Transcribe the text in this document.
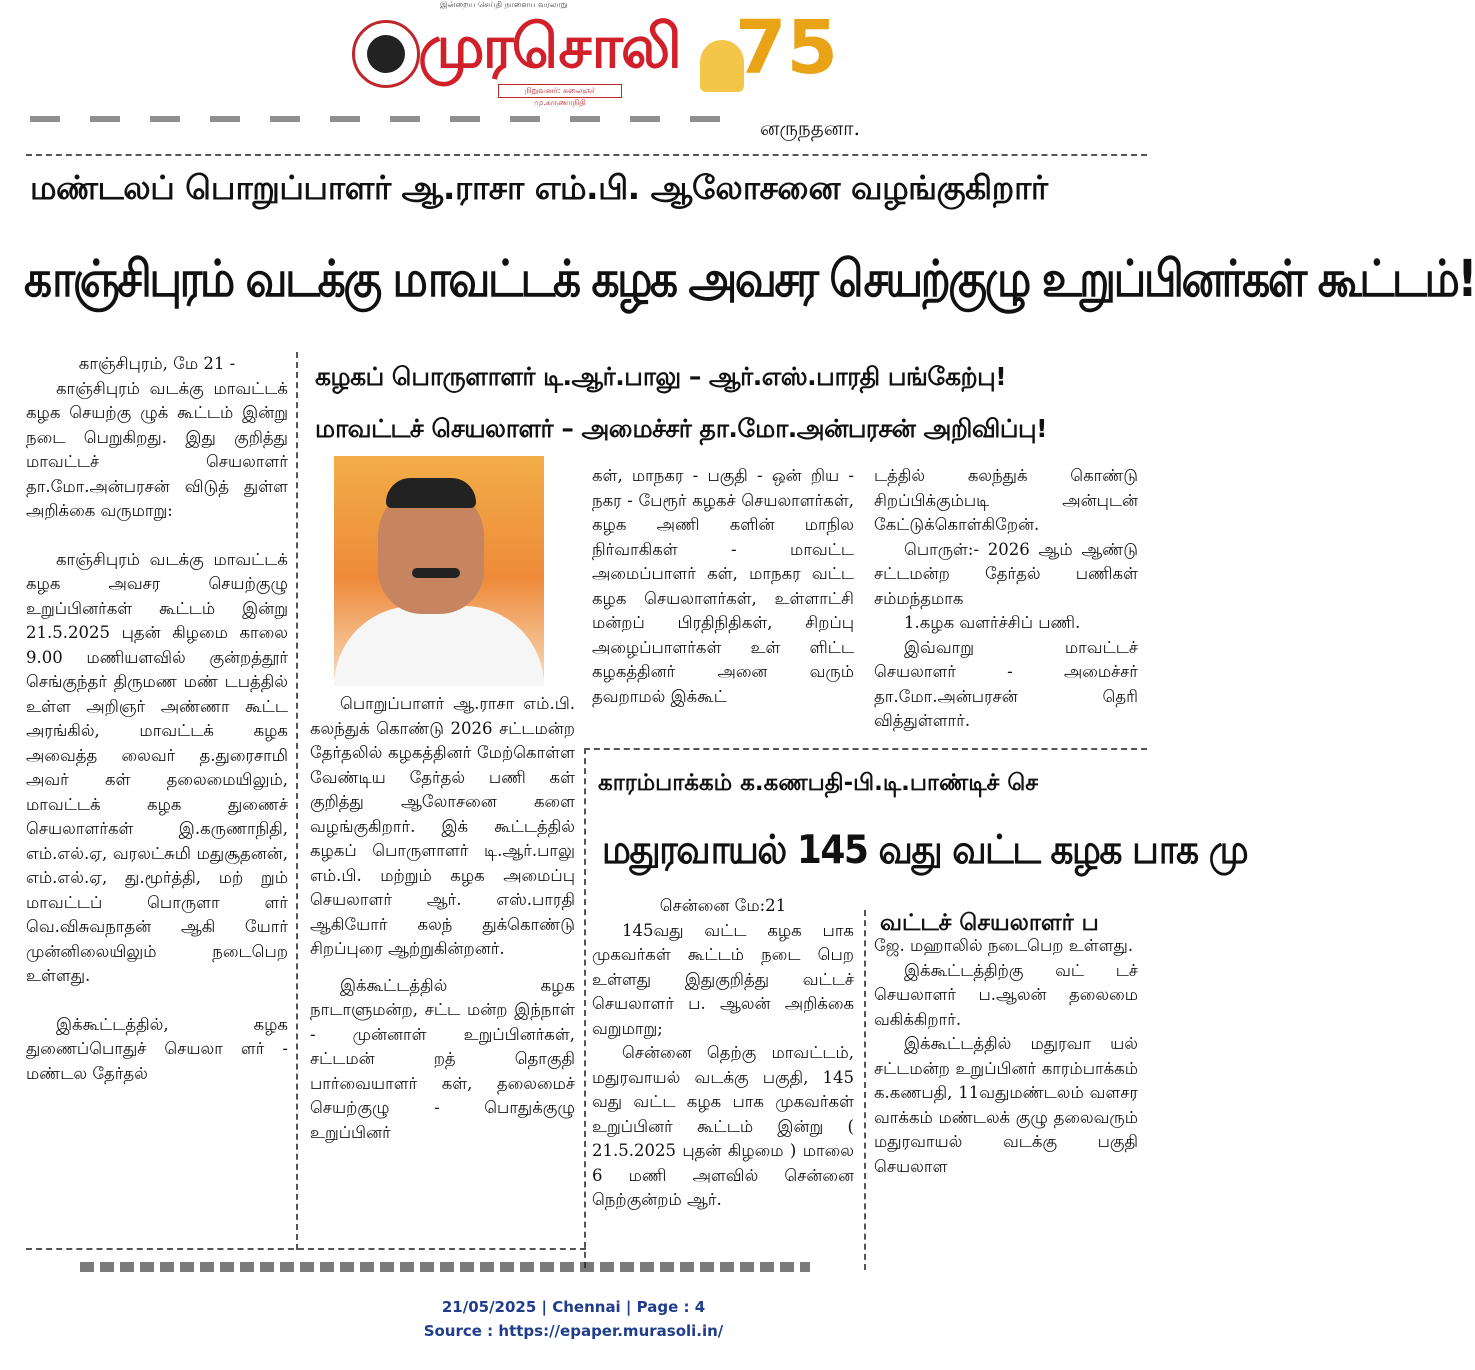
இன்றைய செய்தி நாளைய வரலாறு
முரசொலி
நிறுவனர்: கலைஞர் மு.கருணாநிதி
75
னருநதனா.
மண்டலப் பொறுப்பாளர் ஆ.ராசா எம்.பி. ஆலோசனை வழங்குகிறார்
காஞ்சிபுரம் வடக்கு மாவட்டக் கழக அவசர செயற்குழு உறுப்பினர்கள் கூட்டம்!
கழகப் பொருளாளர் டி.ஆர்.பாலு – ஆர்.எஸ்.பாரதி பங்கேற்பு!
மாவட்டச் செயலாளர் – அமைச்சர் தா.மோ.அன்பரசன் அறிவிப்பு!

காஞ்சிபுரம், மே 21 -

காஞ்சிபுரம் வடக்கு மாவட்டக் கழக செயற்கு ழுக் கூட்டம் இன்று நடை பெறுகிறது. இது குறித்து மாவட்டச் செயலாளர் தா.மோ.அன்பரசன் விடுத் துள்ள அறிக்கை வருமாறு:

காஞ்சிபுரம் வடக்கு மாவட்டக் கழக அவசர செயற்குழு உறுப்பினர்கள் கூட்டம் இன்று 21.5.2025 புதன் கிழமை காலை 9.00 மணியளவில் குன்றத்தூர் செங்குந்தர் திருமண மண் டபத்தில் உள்ள அறிஞர் அண்ணா கூட்ட அரங்கில், மாவட்டக் கழக அவைத்த லைவர் த.துரைசாமி அவர் கள் தலைமையிலும், மாவட்டக் கழக துணைச் செயலாளர்கள் இ.கருணாநிதி, எம்.எல்.ஏ, வரலட்சுமி மதுசூதனன், எம்.எல்.ஏ, து.மூர்த்தி, மற் றும் மாவட்டப் பொருளா ளர் வெ.விசுவநாதன் ஆகி யோர் முன்னிலையிலும் நடைபெற உள்ளது.

இக்கூட்டத்தில், கழக துணைப்பொதுச் செயலா ளர் - மண்டல தேர்தல்

பொறுப்பாளர் ஆ.ராசா எம்.பி. கலந்துக் கொண்டு 2026 சட்டமன்ற தேர்தலில் கழகத்தினர் மேற்கொள்ள வேண்டிய தேர்தல் பணி கள் குறித்து ஆலோசனை களை வழங்குகிறார். இக் கூட்டத்தில் கழகப் பொருளாளர் டி.ஆர்.பாலு எம்.பி. மற்றும் கழக அமைப்பு செயலாளர் ஆர். எஸ்.பாரதி ஆகியோர் கலந் துக்கொண்டு சிறப்புரை ஆற்றுகின்றனர்.

இக்கூட்டத்தில் கழக நாடாளுமன்ற, சட்ட மன்ற இந்நாள் - முன்னாள் உறுப்பினர்கள், சட்டமன் றத் தொகுதி பார்வையாளர் கள், தலைமைச் செயற்குழு - பொதுக்குழு உறுப்பினர்

கள், மாநகர - பகுதி - ஒன் றிய - நகர - பேரூர் கழகச் செயலாளர்கள், கழக அணி களின் மாநில நிர்வாகிகள் - மாவட்ட அமைப்பாளர் கள், மாநகர வட்ட கழக செயலாளர்கள், உள்ளாட்சி மன்றப் பிரதிநிதிகள், சிறப்பு அழைப்பாளர்கள் உள் ளிட்ட கழகத்தினர் அனை வரும் தவறாமல் இக்கூட்

டத்தில் கலந்துக் கொண்டு சிறப்பிக்கும்படி அன்புடன் கேட்டுக்கொள்கிறேன்.

பொருள்:- 2026 ஆம் ஆண்டு சட்டமன்ற தேர்தல் பணிகள் சம்மந்தமாக

1.கழக வளர்ச்சிப் பணி.

இவ்வாறு மாவட்டச் செயலாளர் - அமைச்சர் தா.மோ.அன்பரசன் தெரி வித்துள்ளார்.

காரம்பாக்கம் க.கணபதி-பி.டி.பாண்டிச் செ
மதுரவாயல் 145 வது வட்ட கழக பாக மு
வட்டச் செயலாளர் ப

சென்னை மே:21

145வது வட்ட கழக பாக முகவர்கள் கூட்டம் நடை பெற உள்ளது இதுகுறித்து வட்டச் செயலாளர் ப. ஆலன் அறிக்கை வறுமாறு;

சென்னை தெற்கு மாவட்டம், மதுரவாயல் வடக்கு பகுதி, 145 வது வட்ட கழக பாக முகவர்கள் உறுப்பினர் கூட்டம் இன்று ( 21.5.2025 புதன் கிழமை ) மாலை 6 மணி அளவில் சென்னை நெற்குன்றம் ஆர்.

ஜே. மஹாலில் நடைபெற உள்ளது.

இக்கூட்டத்திற்கு வட் டச் செயலாளர் ப.ஆலன் தலைமை வகிக்கிறார்.

இக்கூட்டத்தில் மதுரவா யல் சட்டமன்ற உறுப்பினர் காரம்பாக்கம் க.கணபதி, 11வதுமண்டலம் வளசர வாக்கம் மண்டலக் குழு தலைவரும் மதுரவாயல் வடக்கு பகுதி செயலாள

21/05/2025 | Chennai | Page : 4
Source : https://epaper.murasoli.in/
